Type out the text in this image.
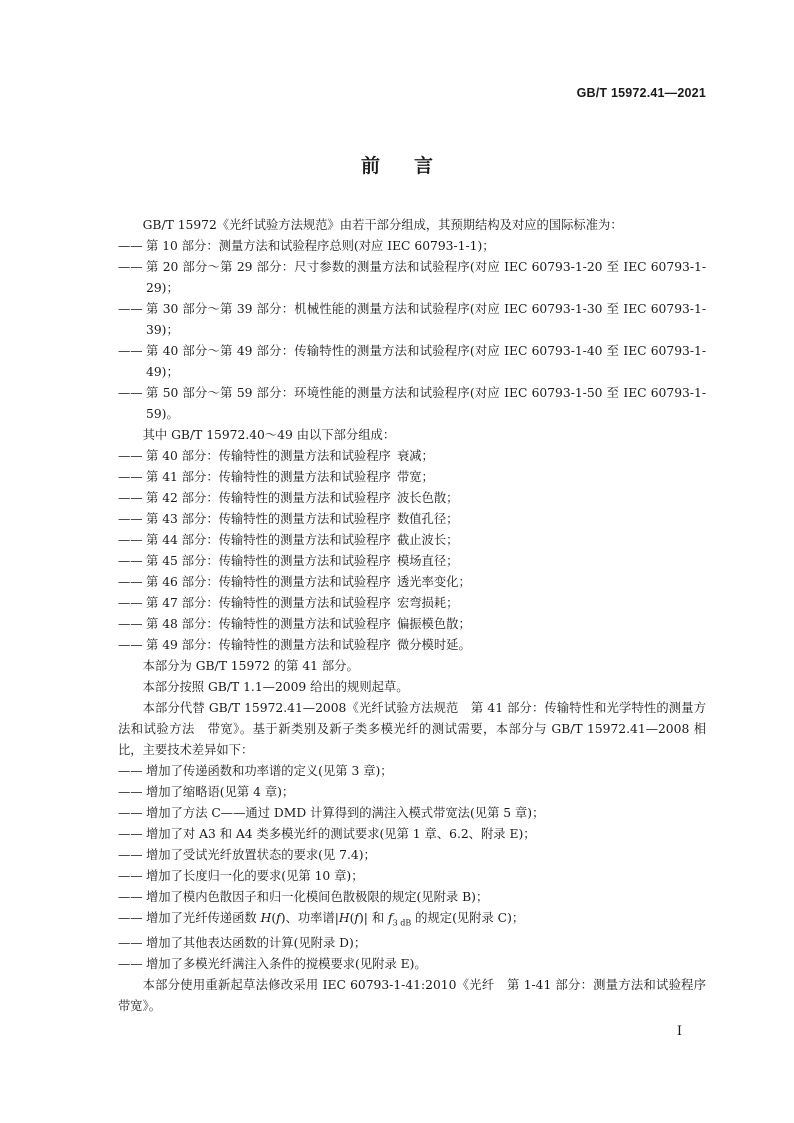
GB/T 15972.41—2021
前言
GB/T 15972《光纤试验方法规范》由若干部分组成，其预期结构及对应的国际标准为：
—— 第 10 部分：测量方法和试验程序总则(对应 IEC 60793-1-1)；
—— 第 20 部分～第 29 部分：尺寸参数的测量方法和试验程序(对应 IEC 60793-1-20 至 IEC 60793-1-29)；
—— 第 30 部分～第 39 部分：机械性能的测量方法和试验程序(对应 IEC 60793-1-30 至 IEC 60793-1-39)；
—— 第 40 部分～第 49 部分：传输特性的测量方法和试验程序(对应 IEC 60793-1-40 至 IEC 60793-1-49)；
—— 第 50 部分～第 59 部分：环境性能的测量方法和试验程序(对应 IEC 60793-1-50 至 IEC 60793-1-59)。
其中 GB/T 15972.40～49 由以下部分组成：
—— 第 40 部分：传输特性的测量方法和试验程序 衰减；
—— 第 41 部分：传输特性的测量方法和试验程序 带宽；
—— 第 42 部分：传输特性的测量方法和试验程序 波长色散；
—— 第 43 部分：传输特性的测量方法和试验程序 数值孔径；
—— 第 44 部分：传输特性的测量方法和试验程序 截止波长；
—— 第 45 部分：传输特性的测量方法和试验程序 模场直径；
—— 第 46 部分：传输特性的测量方法和试验程序 透光率变化；
—— 第 47 部分：传输特性的测量方法和试验程序 宏弯损耗；
—— 第 48 部分：传输特性的测量方法和试验程序 偏振模色散；
—— 第 49 部分：传输特性的测量方法和试验程序 微分模时延。
本部分为 GB/T 15972 的第 41 部分。
本部分按照 GB/T 1.1—2009 给出的规则起草。
本部分代替 GB/T 15972.41—2008《光纤试验方法规范　第 41 部分：传输特性和光学特性的测量方法和试验方法　带宽》。基于新类别及新子类多模光纤的测试需要，本部分与 GB/T 15972.41—2008 相比，主要技术差异如下：
—— 增加了传递函数和功率谱的定义(见第 3 章)；
—— 增加了缩略语(见第 4 章)；
—— 增加了方法 C——通过 DMD 计算得到的满注入模式带宽法(见第 5 章)；
—— 增加了对 A3 和 A4 类多模光纤的测试要求(见第 1 章、6.2、附录 E)；
—— 增加了受试光纤放置状态的要求(见 7.4)；
—— 增加了长度归一化的要求(见第 10 章)；
—— 增加了模内色散因子和归一化模间色散极限的规定(见附录 B)；
—— 增加了光纤传递函数 H(f)、功率谱|H(f)| 和 $f_{3 dB}$ 的规定(见附录 C)；
—— 增加了其他表达函数的计算(见附录 D)；
—— 增加了多模光纤满注入条件的搅模要求(见附录 E)。
本部分使用重新起草法修改采用 IEC 60793-1-41:2010《光纤　第 1-41 部分：测量方法和试验程序　带宽》。
I
